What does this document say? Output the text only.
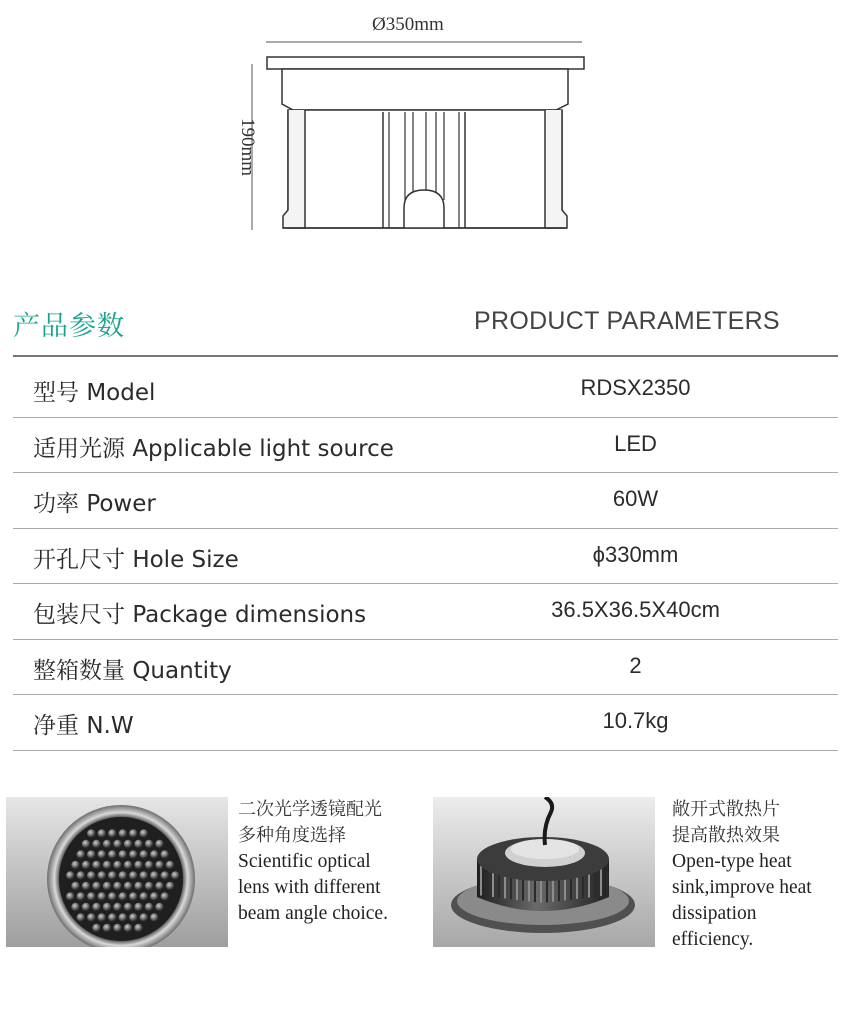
Ø350mm
190mm
产品参数	PRODUCT PARAMETERS
型号 Model	RDSX2350
适用光源 Applicable light source	LED
功率 Power	60W
开孔尺寸 Hole Size	ϕ330mm
包装尺寸 Package dimensions	36.5X36.5X40cm
整箱数量 Quantity	2
净重 N.W	10.7kg
二次光学透镜配光
多种角度选择
Scientific optical
lens with different
beam angle choice.
敞开式散热片
提高散热效果
Open-type heat
sink,improve heat
dissipation
efficiency.
